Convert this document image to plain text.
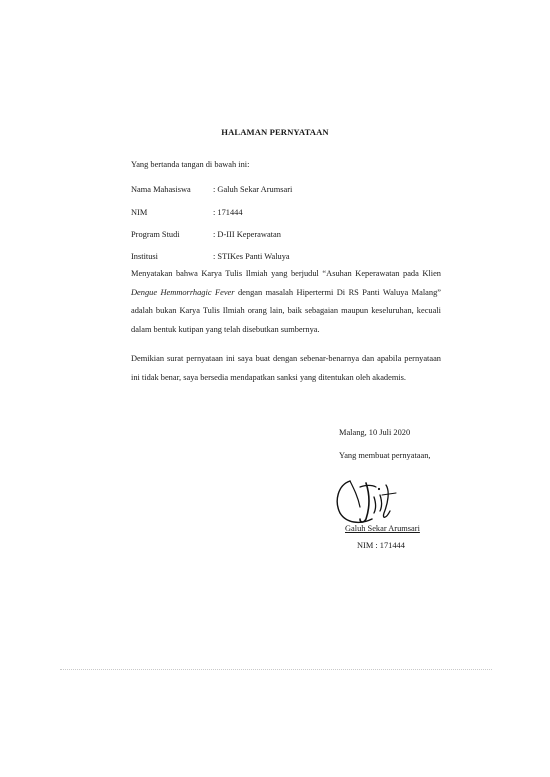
HALAMAN PERNYATAAN
Yang bertanda tangan di bawah ini:
Nama Mahasiswa	: Galuh Sekar Arumsari
NIM	: 171444
Program Studi	: D-III Keperawatan
Institusi	: STIKes Panti Waluya
Menyatakan bahwa Karya Tulis Ilmiah yang berjudul “Asuhan Keperawatan pada Klien
Dengue Hemmorrhagic Fever dengan masalah Hipertermi Di RS Panti Waluya Malang”
adalah bukan Karya Tulis Ilmiah orang lain, baik sebagaian maupun keseluruhan, kecuali
dalam bentuk kutipan yang telah disebutkan sumbernya.
Demikian surat pernyataan ini saya buat dengan sebenar-benarnya dan apabila pernyataan
ini tidak benar, saya bersedia mendapatkan sanksi yang ditentukan oleh akademis.
Malang, 10 Juli 2020
Yang membuat pernyataan,
Galuh Sekar Arumsari
NIM : 171444
